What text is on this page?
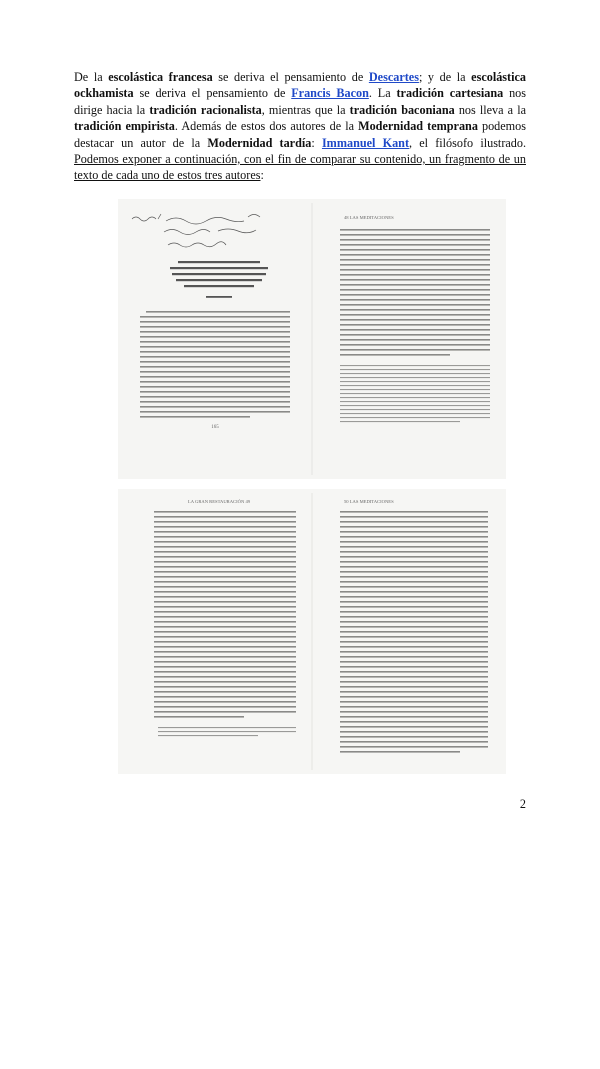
De la escolástica francesa se deriva el pensamiento de Descartes; y de la escolástica ockhamista se deriva el pensamiento de Francis Bacon. La tradición cartesiana nos dirige hacia la tradición racionalista, mientras que la tradición baconiana nos lleva a la tradición empirista. Además de estos dos autores de la Modernidad temprana podemos destacar un autor de la Modernidad tardía: Immanuel Kant, el filósofo ilustrado. Podemos exponer a continuación, con el fin de comparar su contenido, un fragmento de un texto de cada uno de estos tres autores:

165
48 LAS MEDITACIONES
LA GRAN RESTAURACIÓN 49	50 LAS MEDITACIONES
2
